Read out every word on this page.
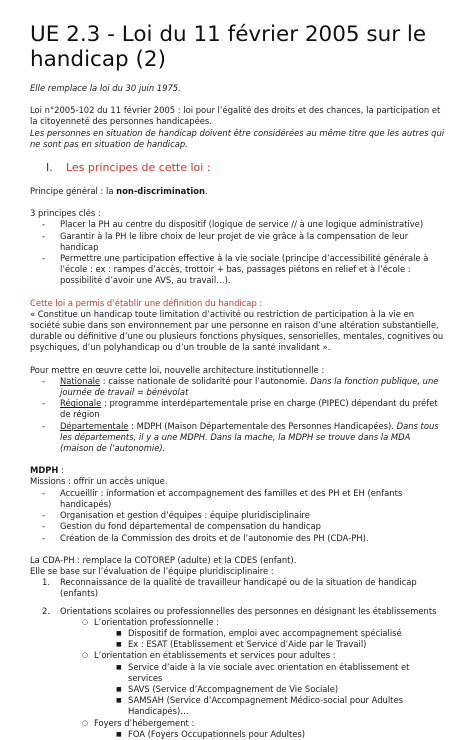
UE 2.3 - Loi du 11 février 2005 sur le handicap (2)

Elle remplace la loi du 30 juin 1975.

Loi n°2005-102 du 11 février 2005 : loi pour l’égalité des droits et des chances, la participation et la citoyenneté des personnes handicapées.

Les personnes en situation de handicap doivent être considérées au même titre que les autres qui ne sont pas en situation de handicap.

I. Les principes de cette loi :

Principe général : la non-discrimination.

3 principes clés :

- Placer la PH au centre du dispositif (logique de service // à une logique administrative)
- Garantir à la PH le libre choix de leur projet de vie grâce à la compensation de leur handicap
- Permettre une participation effective à la vie sociale (principe d’accessibilité générale à l’école : ex : rampes d’accès, trottoir + bas, passages piétons en relief et à l’école : possibilité d’avoir une AVS, au travail…).

Cette loi a permis d’établir une définition du handicap :

« Constitue un handicap toute limitation d’activité ou restriction de participation à la vie en société subie dans son environnement par une personne en raison d’une altération substantielle, durable ou définitive d’une ou plusieurs fonctions physiques, sensorielles, mentales, cognitives ou psychiques, d’un polyhandicap ou d’un trouble de la santé invalidant ».

Pour mettre en œuvre cette loi, nouvelle architecture institutionnelle :

- Nationale : caisse nationale de solidarité pour l’autonomie. Dans la fonction publique, une journée de travail = bénévolat
- Régionale : programme interdépartementale prise en charge (PIPEC) dépendant du préfet de région
- Départementale : MDPH (Maison Départementale des Personnes Handicapées). Dans tous les départements, il y a une MDPH. Dans la mache, la MDPH se trouve dans la MDA (maison de l’autonomie).

MDPH :

Missions : offrir un accès unique.

- Accueillir : information et accompagnement des familles et des PH et EH (enfants handicapés)
- Organisation et gestion d’équipes : équipe pluridisciplinaire
- Gestion du fond départemental de compensation du handicap
- Création de la Commission des droits et de l’autonomie des PH (CDA-PH).

La CDA-PH : remplace la COTOREP (adulte) et la CDES (enfant).

Elle se base sur l’évaluation de l’équipe pluridisciplinaire :

1. Reconnaissance de la qualité de travailleur handicapé ou de la situation de handicap (enfants)
2. Orientations scolaires ou professionnelles des personnes en désignant les établissements
○ L’orientation professionnelle :
■ Dispositif de formation, emploi avec accompagnement spécialisé
■ Ex : ESAT (Etablissement et Service d’Aide par le Travail)
○ L’orientation en établissements et services pour adultes :
■ Service d’aide à la vie sociale avec orientation en établissement et services
■ SAVS (Service d’Accompagnement de Vie Sociale)
■ SAMSAH (Service d’Accompagnement Médico-social pour Adultes Handicapés)…
○ Foyers d’hébergement :
■ FOA (Foyers Occupationnels pour Adultes)
